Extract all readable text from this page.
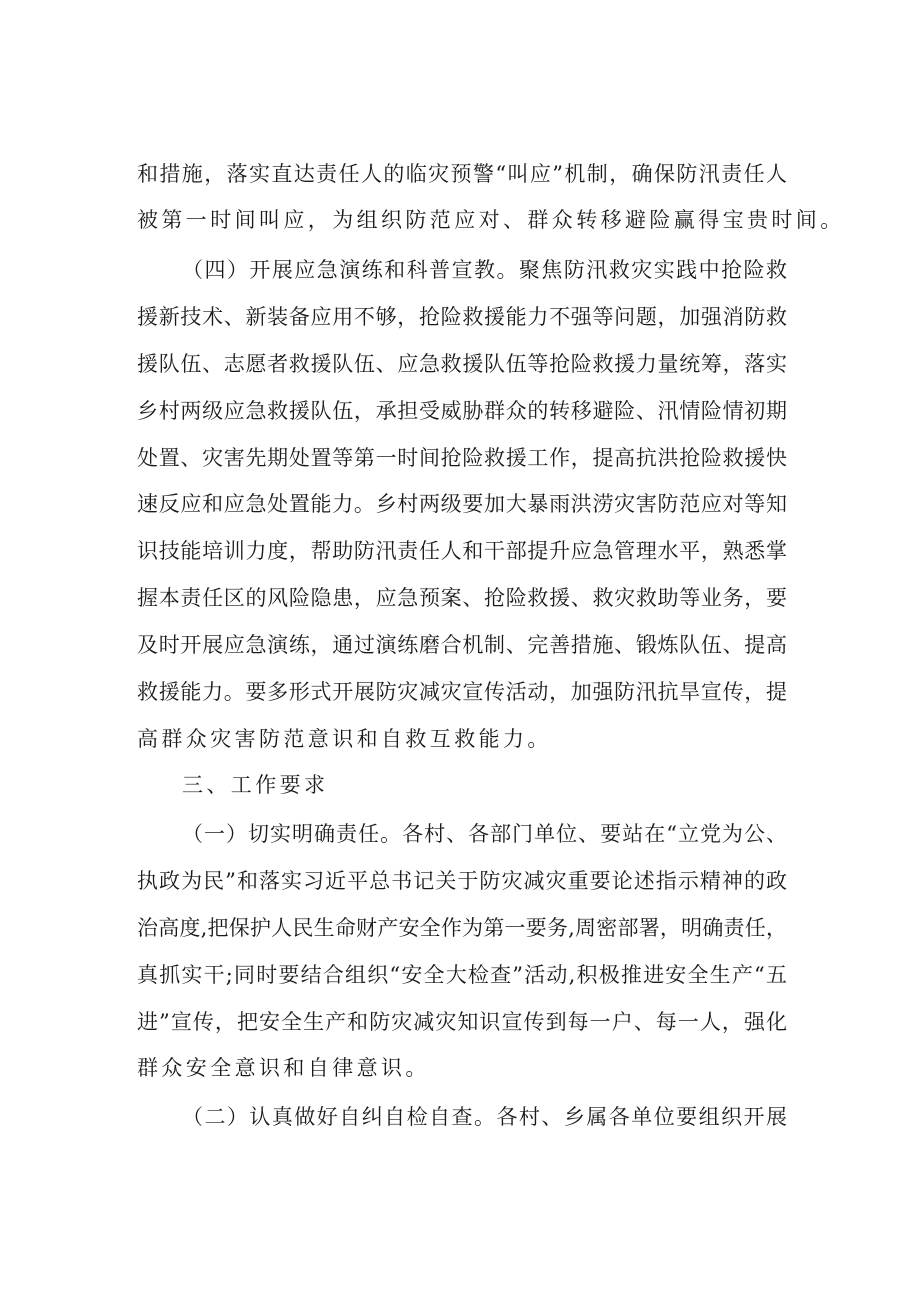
和措施，落实直达责任人的临灾预警“叫应”机制，确保防汛责任人
被第一时间叫应，为组织防范应对、群众转移避险赢得宝贵时间。
（四）开展应急演练和科普宣教。聚焦防汛救灾实践中抢险救
援新技术、新装备应用不够，抢险救援能力不强等问题，加强消防救
援队伍、志愿者救援队伍、应急救援队伍等抢险救援力量统筹，落实
乡村两级应急救援队伍，承担受威胁群众的转移避险、汛情险情初期
处置、灾害先期处置等第一时间抢险救援工作，提高抗洪抢险救援快
速反应和应急处置能力。乡村两级要加大暴雨洪涝灾害防范应对等知
识技能培训力度，帮助防汛责任人和干部提升应急管理水平，熟悉掌
握本责任区的风险隐患，应急预案、抢险救援、救灾救助等业务，要
及时开展应急演练，通过演练磨合机制、完善措施、锻炼队伍、提高
救援能力。要多形式开展防灾减灾宣传活动，加强防汛抗旱宣传，提
高群众灾害防范意识和自救互救能力。
三、工作要求
（一）切实明确责任。各村、各部门单位、要站在“立党为公、
执政为民”和落实习近平总书记关于防灾减灾重要论述指示精神的政
治高度,把保护人民生命财产安全作为第一要务,周密部署，明确责任，
真抓实干;同时要结合组织“安全大检查”活动,积极推进安全生产“五
进”宣传，把安全生产和防灾减灾知识宣传到每一户、每一人，强化
群众安全意识和自律意识。
（二）认真做好自纠自检自查。各村、乡属各单位要组织开展
